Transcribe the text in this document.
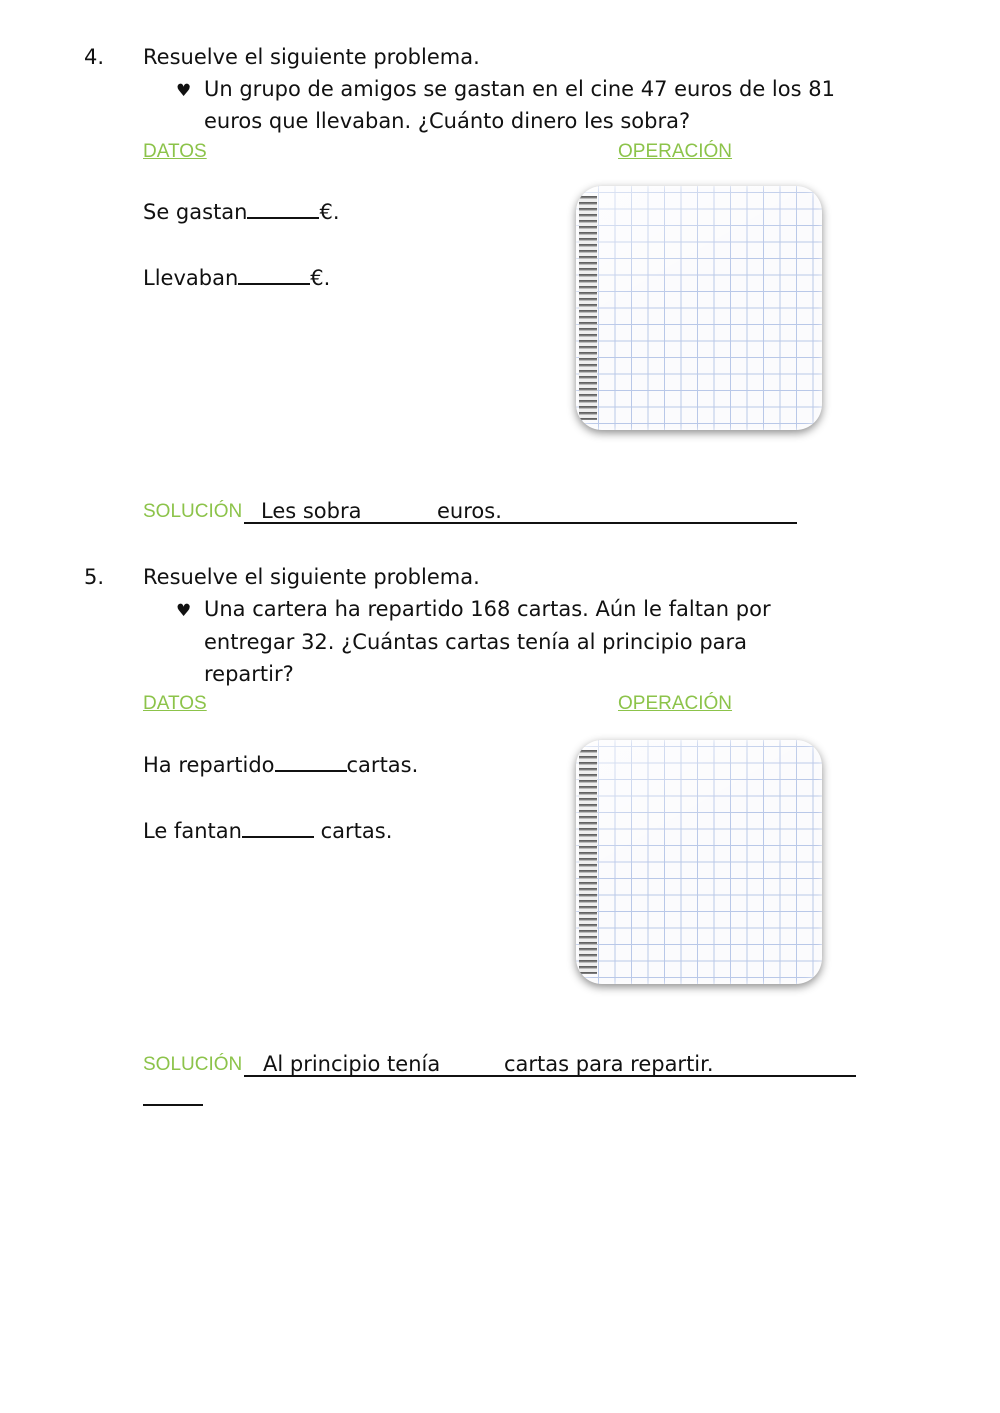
4. Resuelve el siguiente problema.
♥ Un grupo de amigos se gastan en el cine 47 euros de los 81
euros que llevaban. ¿Cuánto dinero les sobra?
DATOS	OPERACIÓN
Se gastan	€.
Llevaban	€.
SOLUCIÓN Les sobra	euros.
5. Resuelve el siguiente problema.
♥ Una cartera ha repartido 168 cartas. Aún le faltan por
entregar 32. ¿Cuántas cartas tenía al principio para
repartir?
DATOS	OPERACIÓN
Ha repartido	cartas.
Le fantan	cartas.
SOLUCIÓN Al principio tenía	cartas para repartir.
